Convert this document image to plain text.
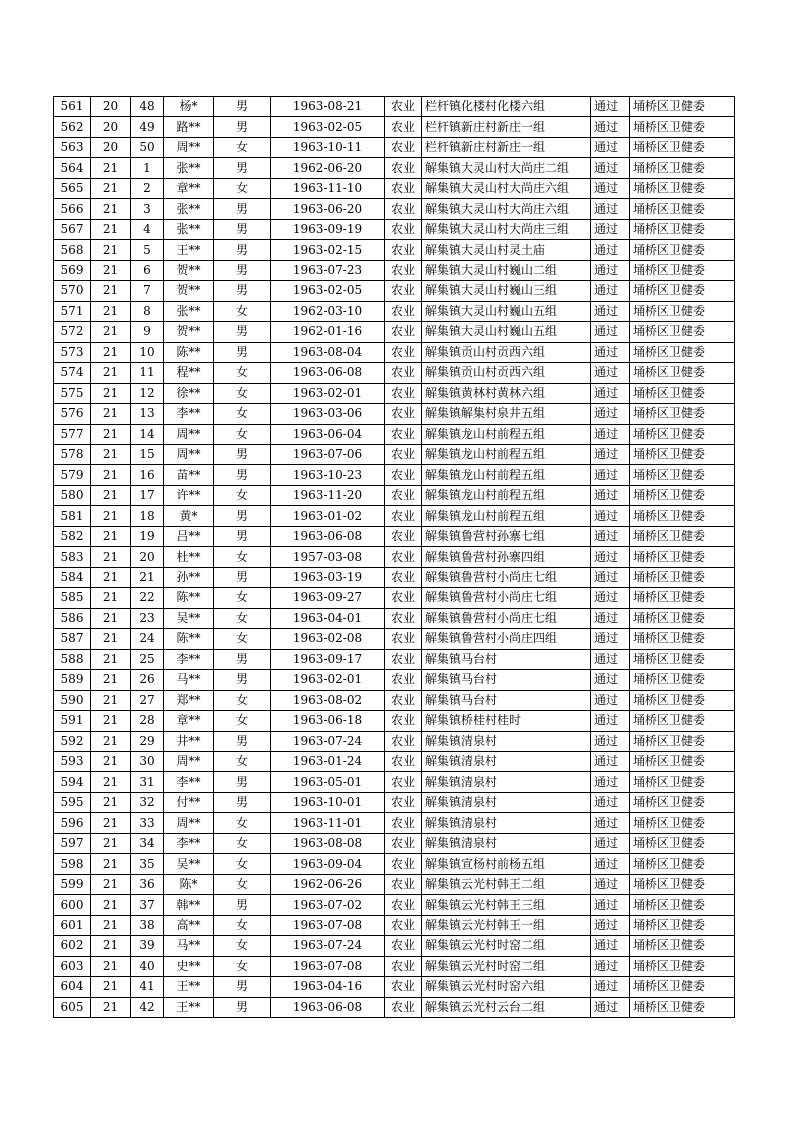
561	20	48	杨*	男	1963-08-21	农业	栏杆镇化楼村化楼六组	通过	埇桥区卫健委
562	20	49	路**	男	1963-02-05	农业	栏杆镇新庄村新庄一组	通过	埇桥区卫健委
563	20	50	周**	女	1963-10-11	农业	栏杆镇新庄村新庄一组	通过	埇桥区卫健委
564	21	1	张**	男	1962-06-20	农业	解集镇大灵山村大尚庄二组	通过	埇桥区卫健委
565	21	2	章**	女	1963-11-10	农业	解集镇大灵山村大尚庄六组	通过	埇桥区卫健委
566	21	3	张**	男	1963-06-20	农业	解集镇大灵山村大尚庄六组	通过	埇桥区卫健委
567	21	4	张**	男	1963-09-19	农业	解集镇大灵山村大尚庄三组	通过	埇桥区卫健委
568	21	5	王**	男	1963-02-15	农业	解集镇大灵山村灵土庙	通过	埇桥区卫健委
569	21	6	贺**	男	1963-07-23	农业	解集镇大灵山村巍山二组	通过	埇桥区卫健委
570	21	7	贺**	男	1963-02-05	农业	解集镇大灵山村巍山三组	通过	埇桥区卫健委
571	21	8	张**	女	1962-03-10	农业	解集镇大灵山村巍山五组	通过	埇桥区卫健委
572	21	9	贺**	男	1962-01-16	农业	解集镇大灵山村巍山五组	通过	埇桥区卫健委
573	21	10	陈**	男	1963-08-04	农业	解集镇贡山村贡西六组	通过	埇桥区卫健委
574	21	11	程**	女	1963-06-08	农业	解集镇贡山村贡西六组	通过	埇桥区卫健委
575	21	12	徐**	女	1963-02-01	农业	解集镇黄林村黄林六组	通过	埇桥区卫健委
576	21	13	李**	女	1963-03-06	农业	解集镇解集村泉井五组	通过	埇桥区卫健委
577	21	14	周**	女	1963-06-04	农业	解集镇龙山村前程五组	通过	埇桥区卫健委
578	21	15	周**	男	1963-07-06	农业	解集镇龙山村前程五组	通过	埇桥区卫健委
579	21	16	苗**	男	1963-10-23	农业	解集镇龙山村前程五组	通过	埇桥区卫健委
580	21	17	许**	女	1963-11-20	农业	解集镇龙山村前程五组	通过	埇桥区卫健委
581	21	18	黄*	男	1963-01-02	农业	解集镇龙山村前程五组	通过	埇桥区卫健委
582	21	19	吕**	男	1963-06-08	农业	解集镇鲁营村孙寨七组	通过	埇桥区卫健委
583	21	20	杜**	女	1957-03-08	农业	解集镇鲁营村孙寨四组	通过	埇桥区卫健委
584	21	21	孙**	男	1963-03-19	农业	解集镇鲁营村小尚庄七组	通过	埇桥区卫健委
585	21	22	陈**	女	1963-09-27	农业	解集镇鲁营村小尚庄七组	通过	埇桥区卫健委
586	21	23	吴**	女	1963-04-01	农业	解集镇鲁营村小尚庄七组	通过	埇桥区卫健委
587	21	24	陈**	女	1963-02-08	农业	解集镇鲁营村小尚庄四组	通过	埇桥区卫健委
588	21	25	李**	男	1963-09-17	农业	解集镇马台村	通过	埇桥区卫健委
589	21	26	马**	男	1963-02-01	农业	解集镇马台村	通过	埇桥区卫健委
590	21	27	郑**	女	1963-08-02	农业	解集镇马台村	通过	埇桥区卫健委
591	21	28	章**	女	1963-06-18	农业	解集镇桥桂村桂时	通过	埇桥区卫健委
592	21	29	井**	男	1963-07-24	农业	解集镇清泉村	通过	埇桥区卫健委
593	21	30	周**	女	1963-01-24	农业	解集镇清泉村	通过	埇桥区卫健委
594	21	31	李**	男	1963-05-01	农业	解集镇清泉村	通过	埇桥区卫健委
595	21	32	付**	男	1963-10-01	农业	解集镇清泉村	通过	埇桥区卫健委
596	21	33	周**	女	1963-11-01	农业	解集镇清泉村	通过	埇桥区卫健委
597	21	34	李**	女	1963-08-08	农业	解集镇清泉村	通过	埇桥区卫健委
598	21	35	吴**	女	1963-09-04	农业	解集镇宣杨村前杨五组	通过	埇桥区卫健委
599	21	36	陈*	女	1962-06-26	农业	解集镇云光村韩王二组	通过	埇桥区卫健委
600	21	37	韩**	男	1963-07-02	农业	解集镇云光村韩王三组	通过	埇桥区卫健委
601	21	38	高**	女	1963-07-08	农业	解集镇云光村韩王一组	通过	埇桥区卫健委
602	21	39	马**	女	1963-07-24	农业	解集镇云光村时窑二组	通过	埇桥区卫健委
603	21	40	史**	女	1963-07-08	农业	解集镇云光村时窑二组	通过	埇桥区卫健委
604	21	41	王**	男	1963-04-16	农业	解集镇云光村时窑六组	通过	埇桥区卫健委
605	21	42	王**	男	1963-06-08	农业	解集镇云光村云台二组	通过	埇桥区卫健委
